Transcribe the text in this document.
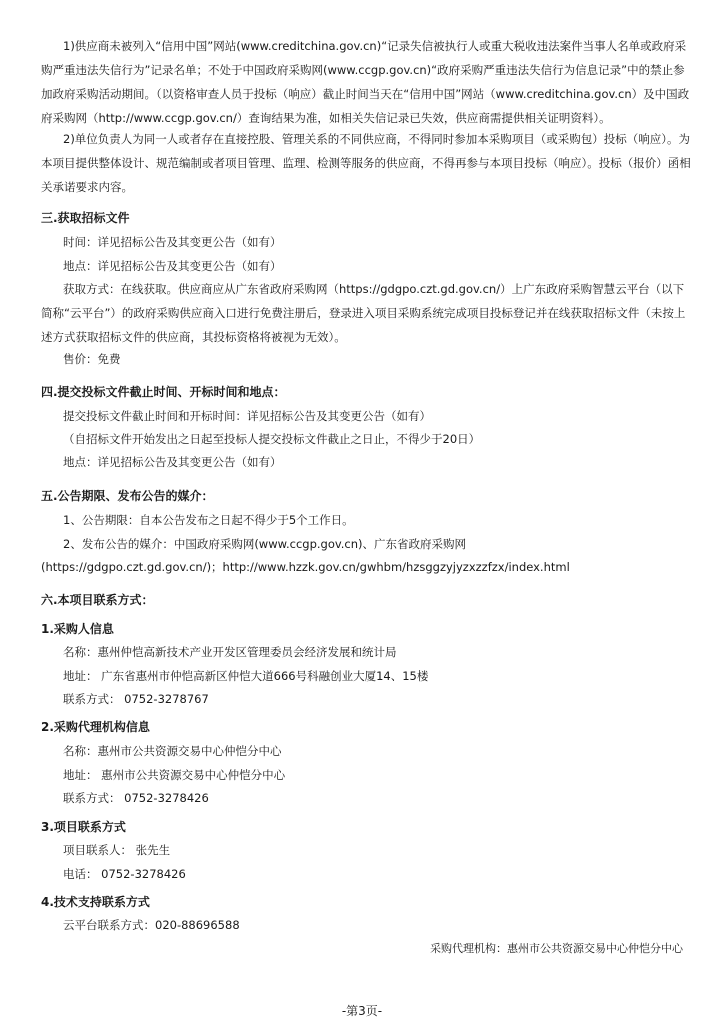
1)供应商未被列入“信用中国”网站(www.creditchina.gov.cn)“记录失信被执行人或重大税收违法案件当事人名单或政府采购严重违法失信行为”记录名单；不处于中国政府采购网(www.ccgp.gov.cn)“政府采购严重违法失信行为信息记录”中的禁止参加政府采购活动期间。（以资格审查人员于投标（响应）截止时间当天在“信用中国”网站（www.creditchina.gov.cn）及中国政府采购网（http://www.ccgp.gov.cn/）查询结果为准，如相关失信记录已失效，供应商需提供相关证明资料）。
2)单位负责人为同一人或者存在直接控股、管理关系的不同供应商，不得同时参加本采购项目（或采购包）投标（响应）。为本项目提供整体设计、规范编制或者项目管理、监理、检测等服务的供应商，不得再参与本项目投标（响应）。投标（报价）函相关承诺要求内容。
三.获取招标文件
时间：详见招标公告及其变更公告（如有）
地点：详见招标公告及其变更公告（如有）
获取方式：在线获取。供应商应从广东省政府采购网（https://gdgpo.czt.gd.gov.cn/）上广东政府采购智慧云平台（以下简称“云平台”）的政府采购供应商入口进行免费注册后，登录进入项目采购系统完成项目投标登记并在线获取招标文件（未按上述方式获取招标文件的供应商，其投标资格将被视为无效）。
售价：免费
四.提交投标文件截止时间、开标时间和地点：
提交投标文件截止时间和开标时间：详见招标公告及其变更公告（如有）
（自招标文件开始发出之日起至投标人提交投标文件截止之日止，不得少于20日）
地点：详见招标公告及其变更公告（如有）
五.公告期限、发布公告的媒介：
1、公告期限：自本公告发布之日起不得少于5个工作日。
2、发布公告的媒介：中国政府采购网(www.ccgp.gov.cn)、广东省政府采购网
(https://gdgpo.czt.gd.gov.cn/)；http://www.hzzk.gov.cn/gwhbm/hzsggzyjyzxzzfzx/index.html
六.本项目联系方式：
1.采购人信息
名称：惠州仲恺高新技术产业开发区管理委员会经济发展和统计局
地址： 广东省惠州市仲恺高新区仲恺大道666号科融创业大厦14、15楼
联系方式： 0752-3278767
2.采购代理机构信息
名称：惠州市公共资源交易中心仲恺分中心
地址： 惠州市公共资源交易中心仲恺分中心
联系方式： 0752-3278426
3.项目联系方式
项目联系人： 张先生
电话： 0752-3278426
4.技术支持联系方式
云平台联系方式：020-88696588
采购代理机构：惠州市公共资源交易中心仲恺分中心
-第3页-
